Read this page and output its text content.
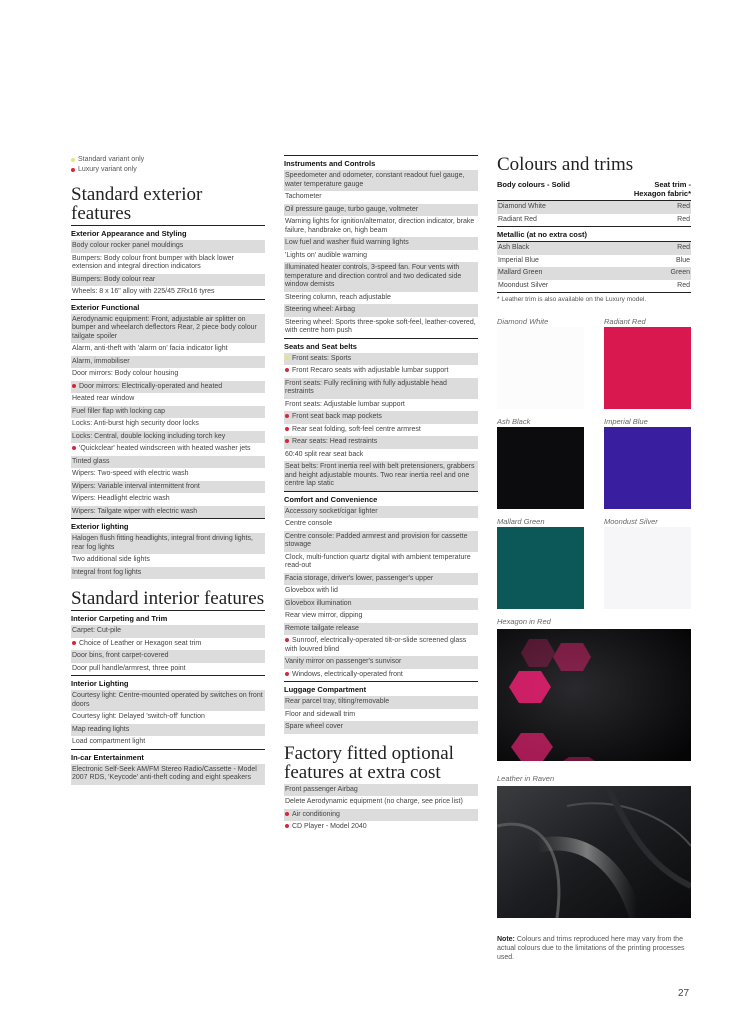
Standard variant only
Luxury variant only
Standard exterior features
Exterior Appearance and Styling
Body colour rocker panel mouldings
Bumpers: Body colour front bumper with black lower extension and integral direction indicators
Bumpers: Body colour rear
Wheels: 8 x 16" alloy with 225/45 ZRx16 tyres
Exterior Functional
Aerodynamic equipment: Front, adjustable air splitter on bumper and wheelarch deflectors Rear, 2 piece body colour tailgate spoiler
Alarm, anti-theft with 'alarm on' facia indicator light
Alarm, immobiliser
Door mirrors: Body colour housing
Door mirrors: Electrically-operated and heated
Heated rear window
Fuel filler flap with locking cap
Locks: Anti-burst high security door locks
Locks: Central, double locking including torch key
'Quickclear' heated windscreen with heated washer jets
Tinted glass
Wipers: Two-speed with electric wash
Wipers: Variable interval intermittent front
Wipers: Headlight electric wash
Wipers: Tailgate wiper with electric wash
Exterior lighting
Halogen flush fitting headlights, integral front driving lights, rear fog lights
Two additional side lights
Integral front fog lights
Standard interior features
Interior Carpeting and Trim
Carpet: Cut-pile
Choice of Leather or Hexagon seat trim
Door bins, front carpet-covered
Door pull handle/armrest, three point
Interior Lighting
Courtesy light: Centre-mounted operated by switches on front doors
Courtesy light: Delayed 'switch-off' function
Map reading lights
Load compartment light
In-car Entertainment
Electronic Self-Seek AM/FM Stereo Radio/Cassette - Model 2007 RDS, 'Keycode' anti-theft coding and eight speakers
Instruments and Controls
Speedometer and odometer, constant readout fuel gauge, water temperature gauge
Tachometer
Oil pressure gauge, turbo gauge, voltmeter
Warning lights for ignition/alternator, direction indicator, brake failure, handbrake on, high beam
Low fuel and washer fluid warning lights
'Lights on' audible warning
Illuminated heater controls, 3-speed fan. Four vents with temperature and direction control and two dedicated side window demists
Steering column, reach adjustable
Steering wheel: Airbag
Steering wheel: Sports three-spoke soft-feel, leather-covered, with centre horn push
Seats and Seat belts
Front seats: Sports
Front Recaro seats with adjustable lumbar support
Front seats: Fully reclining with fully adjustable head restraints
Front seats: Adjustable lumbar support
Front seat back map pockets
Rear seat folding, soft-feel centre armrest
Rear seats: Head restraints
60:40 split rear seat back
Seat belts: Front inertia reel with belt pretensioners, grabbers and height adjustable mounts. Two rear inertia reel and one centre lap static
Comfort and Convenience
Accessory socket/cigar lighter
Centre console
Centre console: Padded armrest and provision for cassette stowage
Clock, multi-function quartz digital with ambient temperature read-out
Facia storage, driver's lower, passenger's upper
Glovebox with lid
Glovebox illumination
Rear view mirror, dipping
Remote tailgate release
Sunroof, electrically-operated tilt-or-slide screened glass with louvred blind
Vanity mirror on passenger's sunvisor
Windows, electrically-operated front
Luggage Compartment
Rear parcel tray, tilting/removable
Floor and sidewall trim
Spare wheel cover
Factory fitted optional features at extra cost
Front passenger Airbag
Delete Aerodynamic equipment (no charge, see price list)
Air conditioning
CD Player - Model 2040
Colours and trims
Body colours - Solid	Seat trim -
Hexagon fabric*
Diamond White	Red
Radiant Red	Red
Metallic (at no extra cost)
Ash Black	Red
Imperial Blue	Blue
Mallard Green	Green
Moondust Silver	Red
* Leather trim is also available on the Luxury model.
Diamond White	Radiant Red
Ash Black	Imperial Blue
Mallard Green	Moondust Silver
Hexagon in Red
Leather in Raven
Note: Colours and trims reproduced here may vary from the actual colours due to the limitations of the printing processes used.
27
